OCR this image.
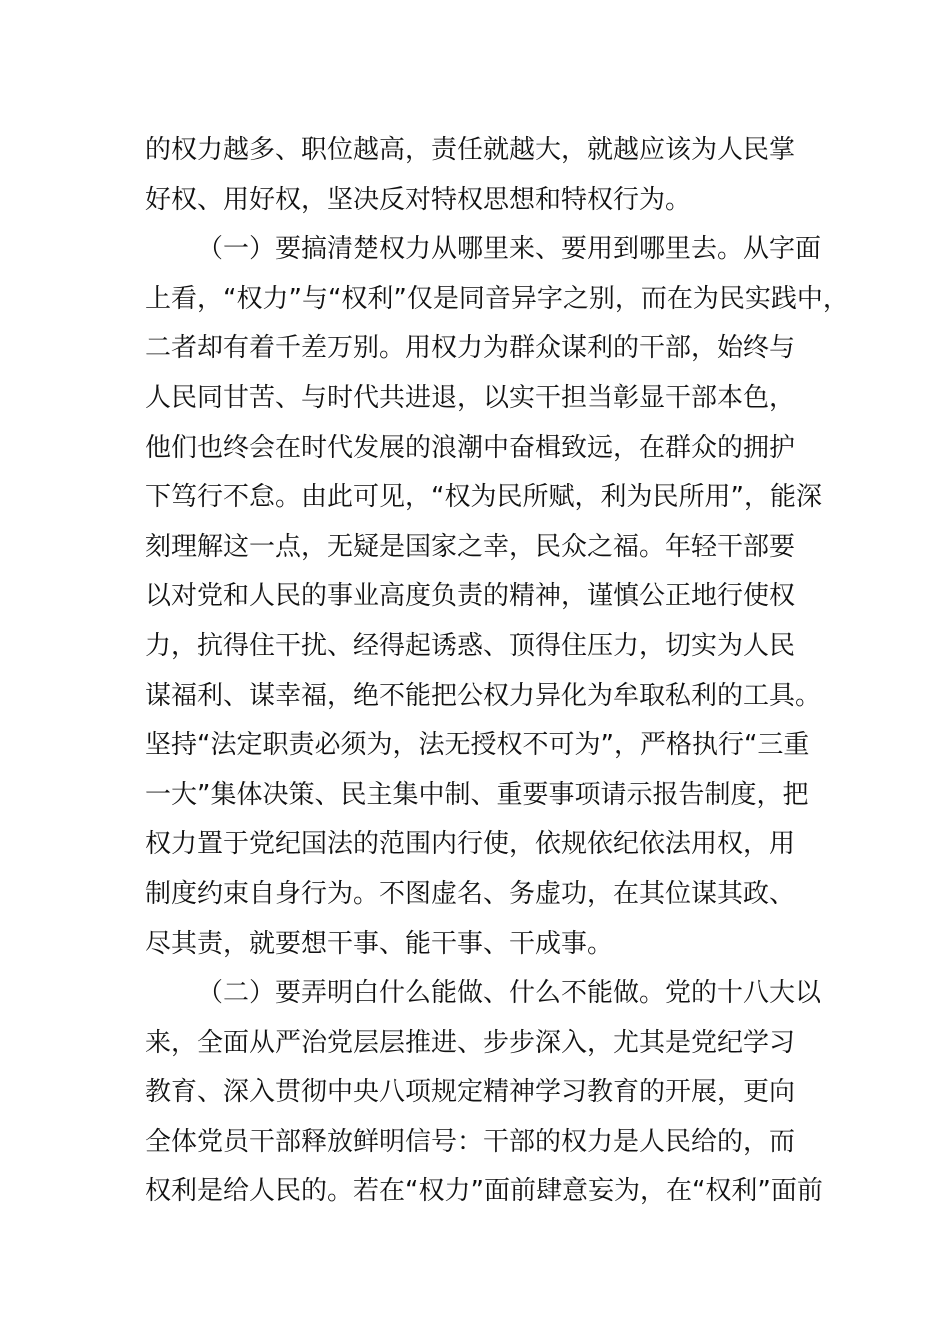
的权力越多、职位越高，责任就越大，就越应该为人民掌
好权、用好权，坚决反对特权思想和特权行为。
（一）要搞清楚权力从哪里来、要用到哪里去。从字面
上看，“权力”与“权利”仅是同音异字之别，而在为民实践中，
二者却有着千差万别。用权力为群众谋利的干部，始终与
人民同甘苦、与时代共进退，以实干担当彰显干部本色，
他们也终会在时代发展的浪潮中奋楫致远，在群众的拥护
下笃行不怠。由此可见，“权为民所赋，利为民所用”，能深
刻理解这一点，无疑是国家之幸，民众之福。年轻干部要
以对党和人民的事业高度负责的精神，谨慎公正地行使权
力，抗得住干扰、经得起诱惑、顶得住压力，切实为人民
谋福利、谋幸福，绝不能把公权力异化为牟取私利的工具。
坚持“法定职责必须为，法无授权不可为”，严格执行“三重
一大”集体决策、民主集中制、重要事项请示报告制度，把
权力置于党纪国法的范围内行使，依规依纪依法用权，用
制度约束自身行为。不图虚名、务虚功，在其位谋其政、
尽其责，就要想干事、能干事、干成事。
（二）要弄明白什么能做、什么不能做。党的十八大以
来，全面从严治党层层推进、步步深入，尤其是党纪学习
教育、深入贯彻中央八项规定精神学习教育的开展，更向
全体党员干部释放鲜明信号：干部的权力是人民给的，而
权利是给人民的。若在“权力”面前肆意妄为，在“权利”面前
